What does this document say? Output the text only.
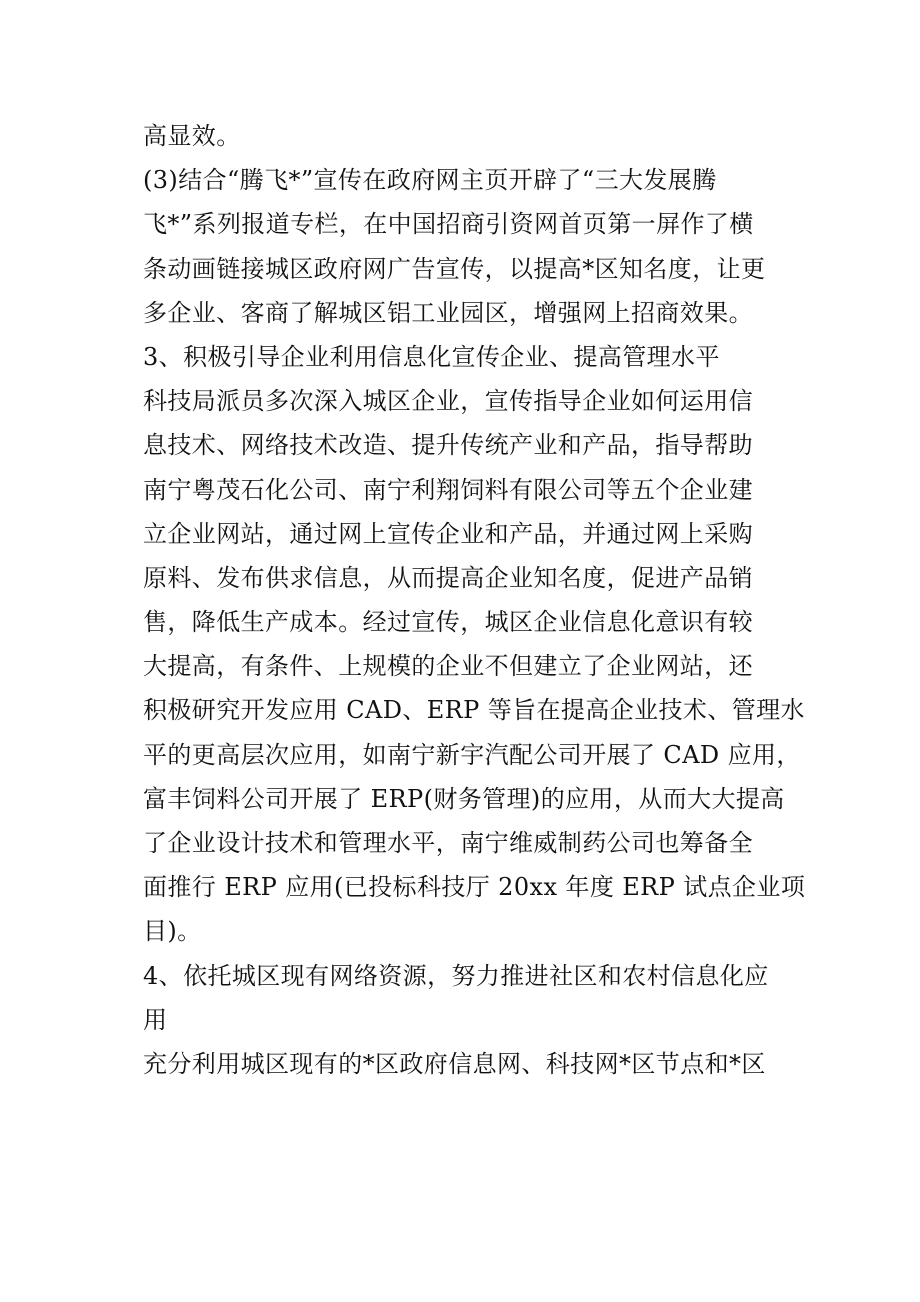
高显效。
(3)结合“腾飞*”宣传在政府网主页开辟了“三大发展腾
飞*”系列报道专栏，在中国招商引资网首页第一屏作了横
条动画链接城区政府网广告宣传，以提高*区知名度，让更
多企业、客商了解城区铝工业园区，增强网上招商效果。
3、积极引导企业利用信息化宣传企业、提高管理水平
科技局派员多次深入城区企业，宣传指导企业如何运用信
息技术、网络技术改造、提升传统产业和产品，指导帮助
南宁粤茂石化公司、南宁利翔饲料有限公司等五个企业建
立企业网站，通过网上宣传企业和产品，并通过网上采购
原料、发布供求信息，从而提高企业知名度，促进产品销
售，降低生产成本。经过宣传，城区企业信息化意识有较
大提高，有条件、上规模的企业不但建立了企业网站，还
积极研究开发应用 CAD、ERP 等旨在提高企业技术、管理水
平的更高层次应用，如南宁新宇汽配公司开展了 CAD 应用，
富丰饲料公司开展了 ERP(财务管理)的应用，从而大大提高
了企业设计技术和管理水平，南宁维威制药公司也筹备全
面推行 ERP 应用(已投标科技厅 20xx 年度 ERP 试点企业项
目)。
4、依托城区现有网络资源，努力推进社区和农村信息化应
用
充分利用城区现有的*区政府信息网、科技网*区节点和*区
